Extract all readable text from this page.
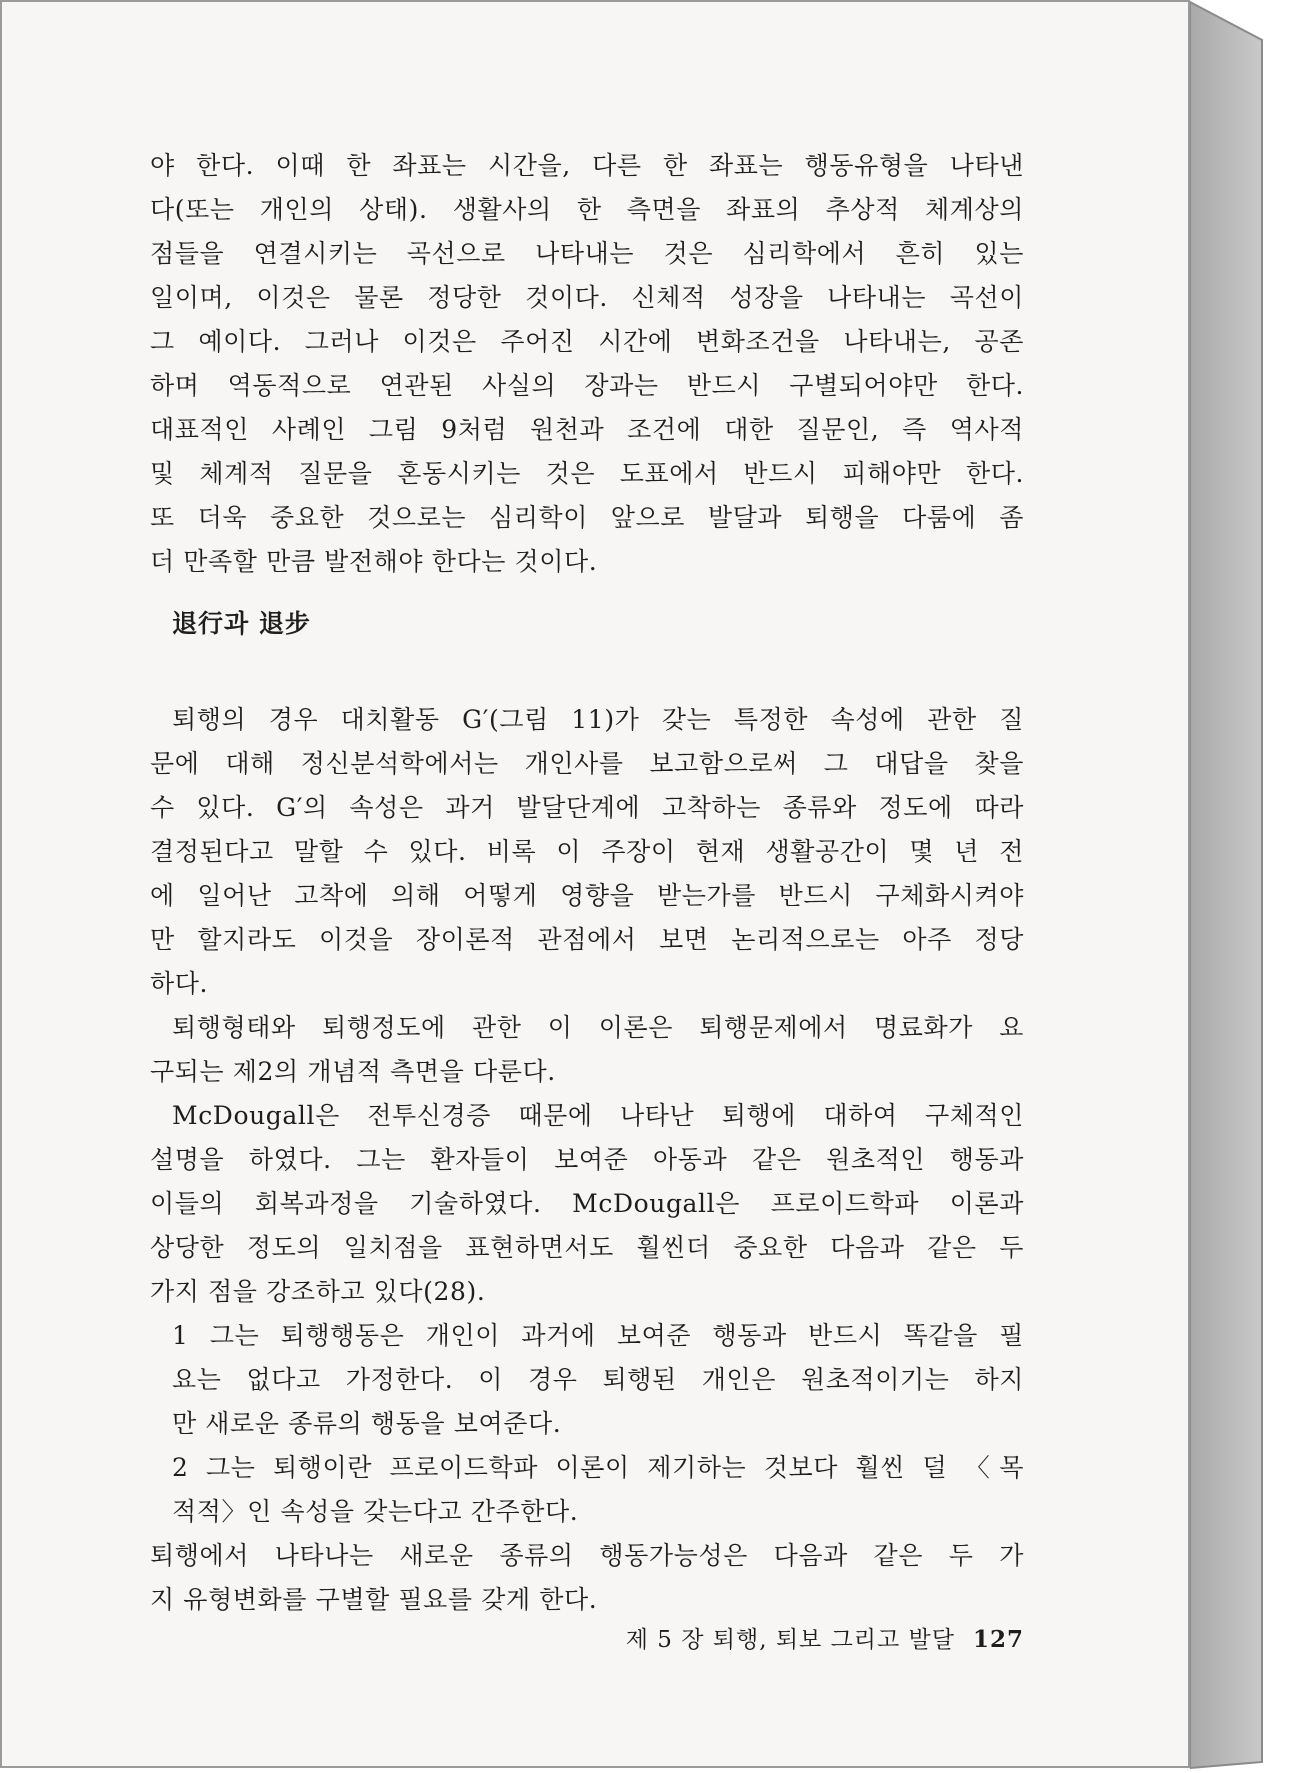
야 한다. 이때 한 좌표는 시간을, 다른 한 좌표는 행동유형을 나타낸
다(또는 개인의 상태). 생활사의 한 측면을 좌표의 추상적 체계상의
점들을 연결시키는 곡선으로 나타내는 것은 심리학에서 흔히 있는
일이며, 이것은 물론 정당한 것이다. 신체적 성장을 나타내는 곡선이
그 예이다. 그러나 이것은 주어진 시간에 변화조건을 나타내는, 공존
하며 역동적으로 연관된 사실의 장과는 반드시 구별되어야만 한다.
대표적인 사례인 그림 9처럼 원천과 조건에 대한 질문인, 즉 역사적
및 체계적 질문을 혼동시키는 것은 도표에서 반드시 피해야만 한다.
또 더욱 중요한 것으로는 심리학이 앞으로 발달과 퇴행을 다룸에 좀
더 만족할 만큼 발전해야 한다는 것이다.
退行과 退步
퇴행의 경우 대치활동 G′(그림 11)가 갖는 특정한 속성에 관한 질
문에 대해 정신분석학에서는 개인사를 보고함으로써 그 대답을 찾을
수 있다. G′의 속성은 과거 발달단계에 고착하는 종류와 정도에 따라
결정된다고 말할 수 있다. 비록 이 주장이 현재 생활공간이 몇 년 전
에 일어난 고착에 의해 어떻게 영향을 받는가를 반드시 구체화시켜야
만 할지라도 이것을 장이론적 관점에서 보면 논리적으로는 아주 정당
하다.
퇴행형태와 퇴행정도에 관한 이 이론은 퇴행문제에서 명료화가 요
구되는 제2의 개념적 측면을 다룬다.
McDougall은 전투신경증 때문에 나타난 퇴행에 대하여 구체적인
설명을 하였다. 그는 환자들이 보여준 아동과 같은 원초적인 행동과
이들의 회복과정을 기술하였다. McDougall은 프로이드학파 이론과
상당한 정도의 일치점을 표현하면서도 훨씬더 중요한 다음과 같은 두
가지 점을 강조하고 있다(28).
1 그는 퇴행행동은 개인이 과거에 보여준 행동과 반드시 똑같을 필
요는 없다고 가정한다. 이 경우 퇴행된 개인은 원초적이기는 하지
만 새로운 종류의 행동을 보여준다.
2 그는 퇴행이란 프로이드학파 이론이 제기하는 것보다 훨씬 덜 〈목
적적〉인 속성을 갖는다고 간주한다.
퇴행에서 나타나는 새로운 종류의 행동가능성은 다음과 같은 두 가
지 유형변화를 구별할 필요를 갖게 한다.
제 5 장 퇴행, 퇴보 그리고 발달 127
